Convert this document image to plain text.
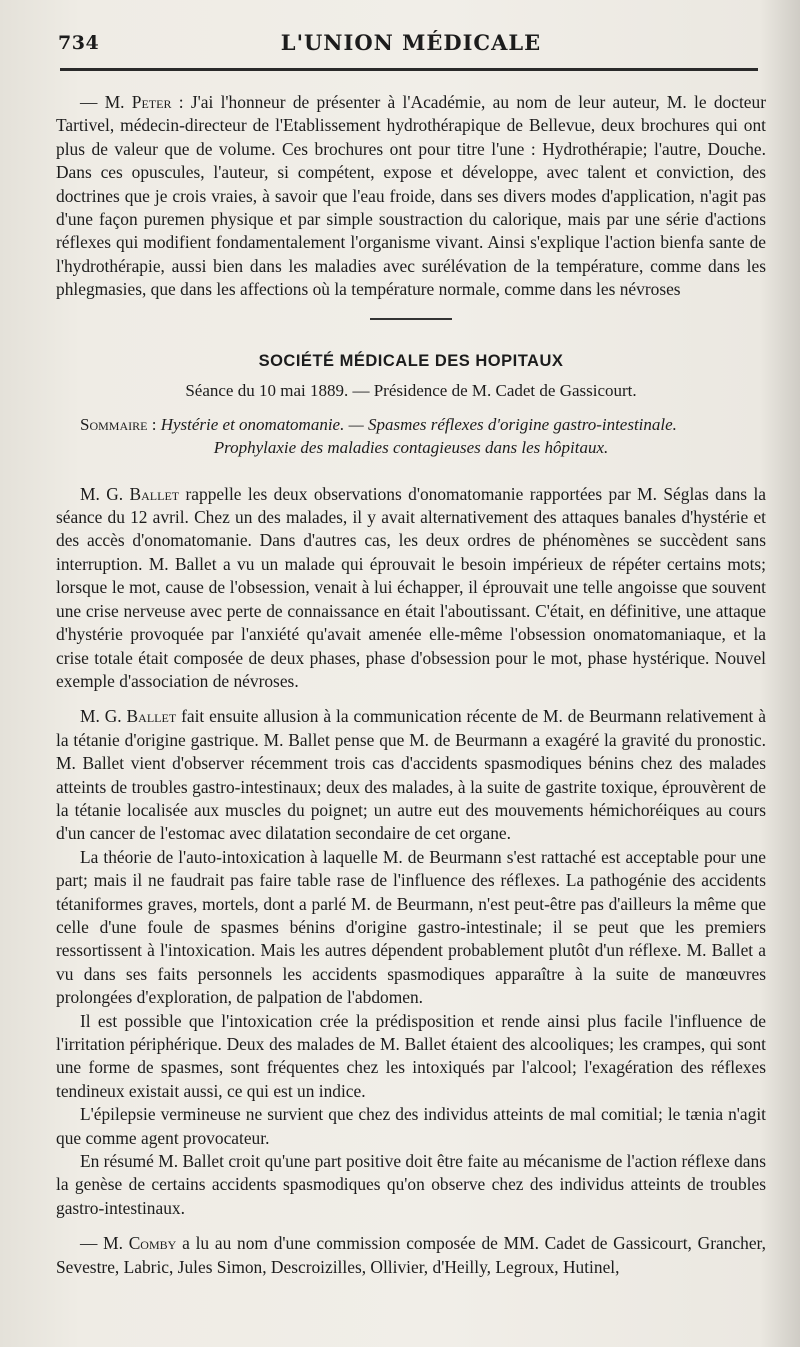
734	L'UNION MÉDICALE

— M. Peter : J'ai l'honneur de présenter à l'Académie, au nom de leur auteur, M. le docteur Tartivel, médecin-directeur de l'Etablissement hydrothérapique de Bellevue, deux brochures qui ont plus de valeur que de volume. Ces brochures ont pour titre l'une : Hydrothérapie; l'autre, Douche. Dans ces opuscules, l'auteur, si compétent, expose et développe, avec talent et conviction, des doctrines que je crois vraies, à savoir que l'eau froide, dans ses divers modes d'application, n'agit pas d'une façon puremen physique et par simple soustraction du calorique, mais par une série d'actions réflexes qui modifient fondamentalement l'organisme vivant. Ainsi s'explique l'action bienfa sante de l'hydrothérapie, aussi bien dans les maladies avec surélévation de la température, comme dans les phlegmasies, que dans les affections où la température normale, comme dans les névroses

SOCIÉTÉ MÉDICALE DES HOPITAUX
Séance du 10 mai 1889. — Présidence de M. Cadet de Gassicourt.
Sommaire : Hystérie et onomatomanie. — Spasmes réflexes d'origine gastro-intestinale.
Prophylaxie des maladies contagieuses dans les hôpitaux.

M. G. Ballet rappelle les deux observations d'onomatomanie rapportées par M. Séglas dans la séance du 12 avril. Chez un des malades, il y avait alternativement des attaques banales d'hystérie et des accès d'onomatomanie. Dans d'autres cas, les deux ordres de phénomènes se succèdent sans interruption. M. Ballet a vu un malade qui éprouvait le besoin impérieux de répéter certains mots; lorsque le mot, cause de l'obsession, venait à lui échapper, il éprouvait une telle angoisse que souvent une crise nerveuse avec perte de connaissance en était l'aboutissant. C'était, en définitive, une attaque d'hystérie provoquée par l'anxiété qu'avait amenée elle-même l'obsession onomatomaniaque, et la crise totale était composée de deux phases, phase d'obsession pour le mot, phase hystérique. Nouvel exemple d'association de névroses.

M. G. Ballet fait ensuite allusion à la communication récente de M. de Beurmann relativement à la tétanie d'origine gastrique. M. Ballet pense que M. de Beurmann a exagéré la gravité du pronostic. M. Ballet vient d'observer récemment trois cas d'accidents spasmodiques bénins chez des malades atteints de troubles gastro-intestinaux; deux des malades, à la suite de gastrite toxique, éprouvèrent de la tétanie localisée aux muscles du poignet; un autre eut des mouvements hémichoréiques au cours d'un cancer de l'estomac avec dilatation secondaire de cet organe.

La théorie de l'auto-intoxication à laquelle M. de Beurmann s'est rattaché est acceptable pour une part; mais il ne faudrait pas faire table rase de l'influence des réflexes. La pathogénie des accidents tétaniformes graves, mortels, dont a parlé M. de Beurmann, n'est peut-être pas d'ailleurs la même que celle d'une foule de spasmes bénins d'origine gastro-intestinale; il se peut que les premiers ressortissent à l'intoxication. Mais les autres dépendent probablement plutôt d'un réflexe. M. Ballet a vu dans ses faits personnels les accidents spasmodiques apparaître à la suite de manœuvres prolongées d'exploration, de palpation de l'abdomen.

Il est possible que l'intoxication crée la prédisposition et rende ainsi plus facile l'influence de l'irritation périphérique. Deux des malades de M. Ballet étaient des alcooliques; les crampes, qui sont une forme de spasmes, sont fréquentes chez les intoxiqués par l'alcool; l'exagération des réflexes tendineux existait aussi, ce qui est un indice.

L'épilepsie vermineuse ne survient que chez des individus atteints de mal comitial; le tænia n'agit que comme agent provocateur.

En résumé M. Ballet croit qu'une part positive doit être faite au mécanisme de l'action réflexe dans la genèse de certains accidents spasmodiques qu'on observe chez des individus atteints de troubles gastro-intestinaux.

— M. Comby a lu au nom d'une commission composée de MM. Cadet de Gassicourt, Grancher, Sevestre, Labric, Jules Simon, Descroizilles, Ollivier, d'Heilly, Legroux, Hutinel,
